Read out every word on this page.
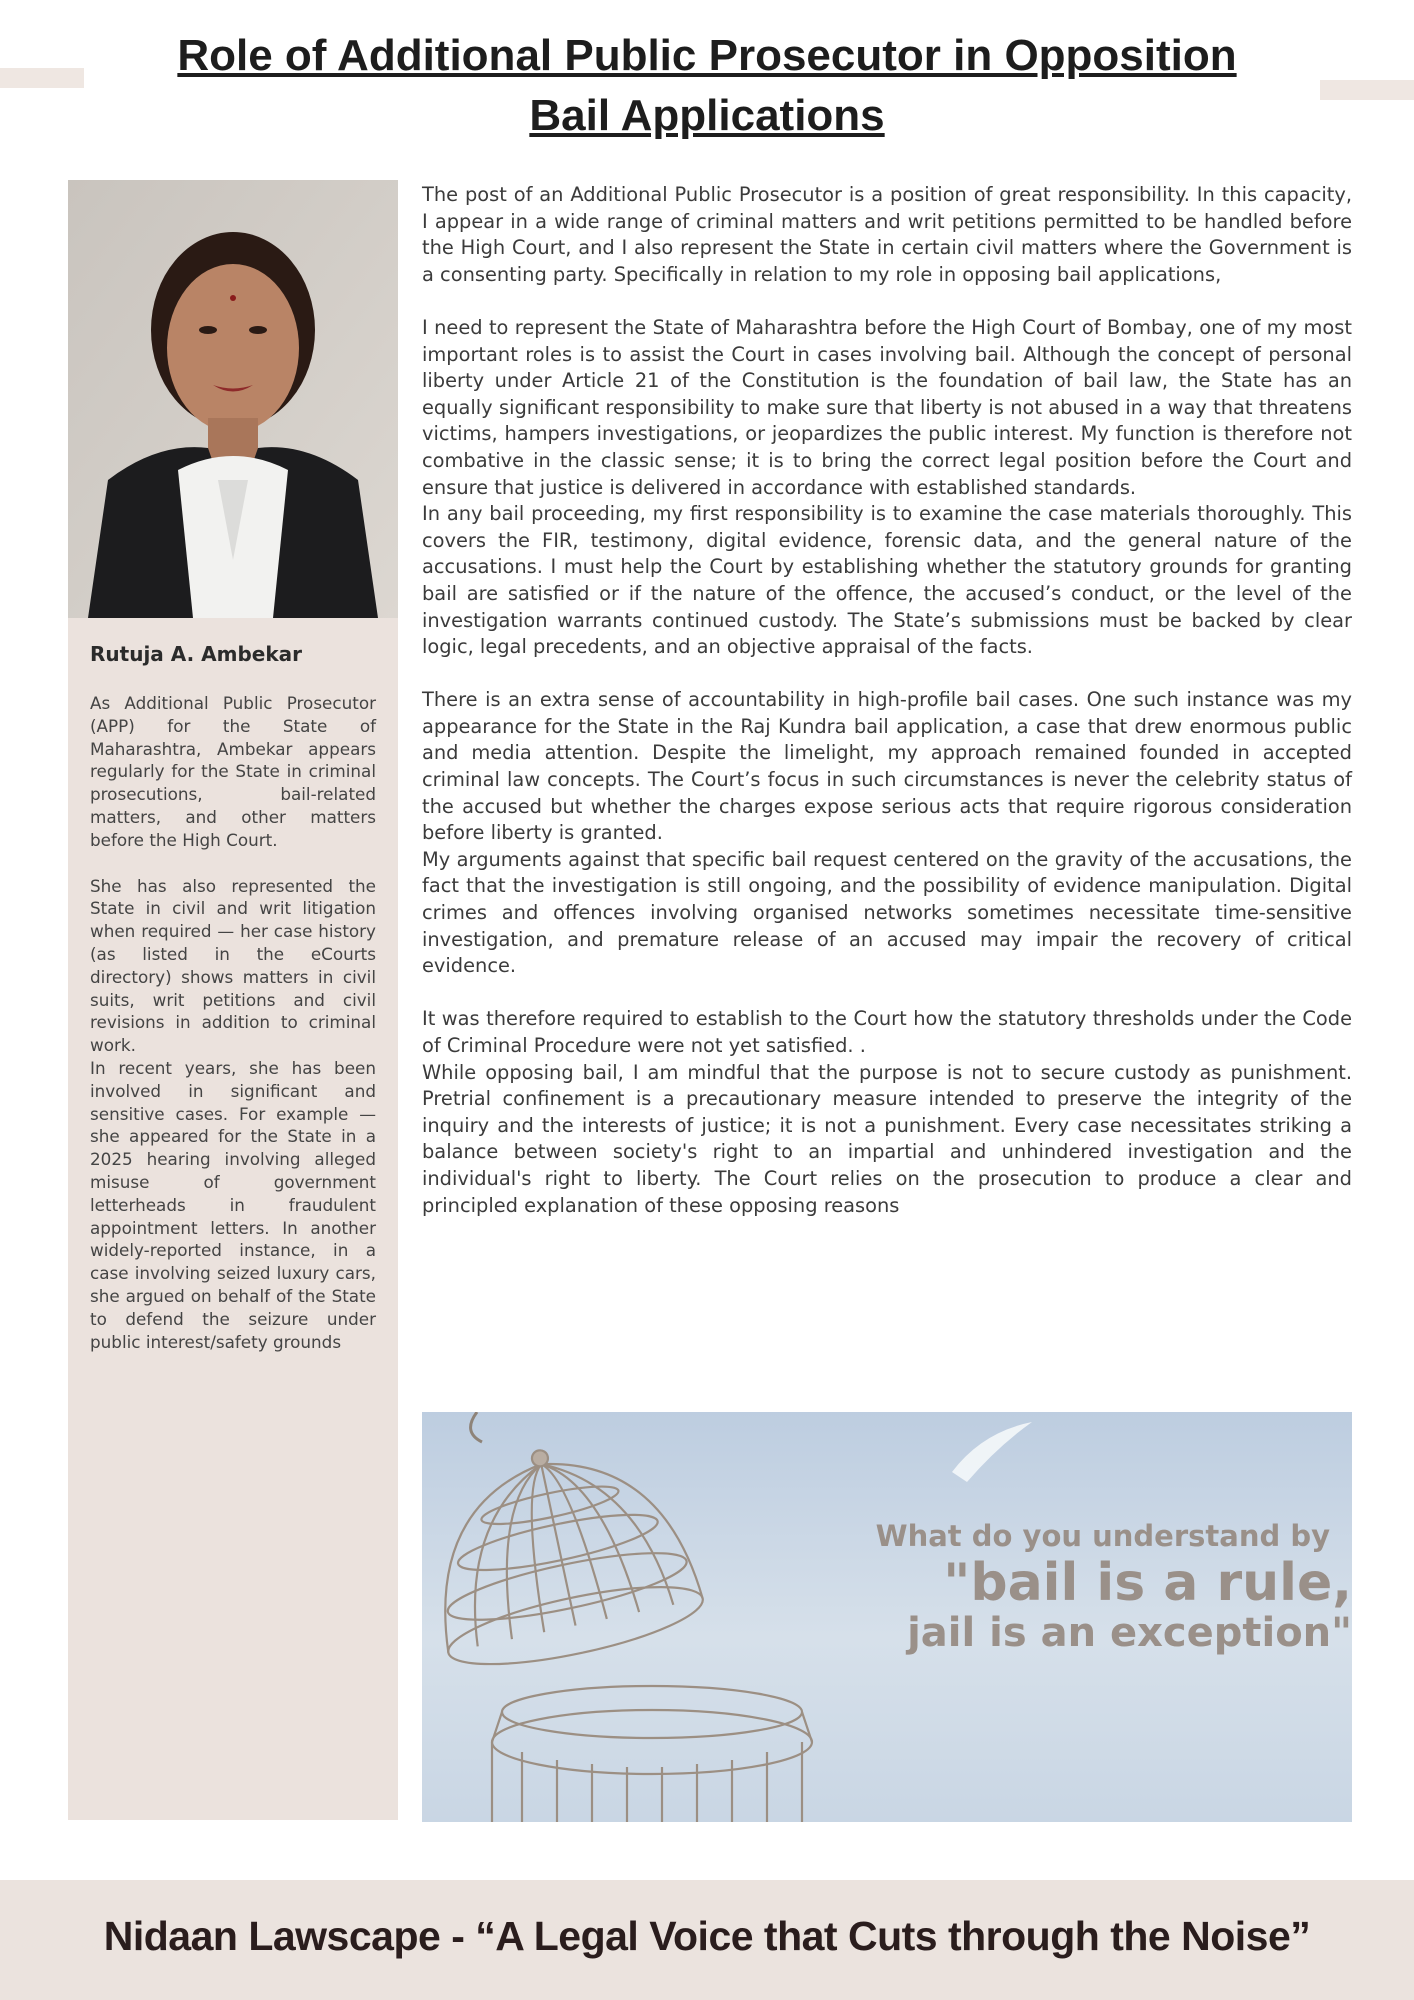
Role of Additional Public Prosecutor in Opposition
Bail Applications
Rutuja A. Ambekar

As Additional Public Prosecutor (APP) for the State of Maharashtra, Ambekar appears regularly for the State in criminal prosecutions, bail-related matters, and other matters before the High Court.

She has also represented the State in civil and writ litigation when required — her case history (as listed in the eCourts directory) shows matters in civil suits, writ petitions and civil revisions in addition to criminal work.

In recent years, she has been involved in significant and sensitive cases. For example — she appeared for the State in a 2025 hearing involving alleged misuse of government letterheads in fraudulent appointment letters. In another widely-reported instance, in a case involving seized luxury cars, she argued on behalf of the State to defend the seizure under public interest/safety grounds

The post of an Additional Public Prosecutor is a position of great responsibility. In this capacity, I appear in a wide range of criminal matters and writ petitions permitted to be handled before the High Court, and I also represent the State in certain civil matters where the Government is a consenting party. Specifically in relation to my role in opposing bail applications,

I need to represent the State of Maharashtra before the High Court of Bombay, one of my most important roles is to assist the Court in cases involving bail. Although the concept of personal liberty under Article 21 of the Constitution is the foundation of bail law, the State has an equally significant responsibility to make sure that liberty is not abused in a way that threatens victims, hampers investigations, or jeopardizes the public interest. My function is therefore not combative in the classic sense; it is to bring the correct legal position before the Court and ensure that justice is delivered in accordance with established standards.

In any bail proceeding, my first responsibility is to examine the case materials thoroughly. This covers the FIR, testimony, digital evidence, forensic data, and the general nature of the accusations. I must help the Court by establishing whether the statutory grounds for granting bail are satisfied or if the nature of the offence, the accused’s conduct, or the level of the investigation warrants continued custody. The State’s submissions must be backed by clear logic, legal precedents, and an objective appraisal of the facts.

There is an extra sense of accountability in high-profile bail cases. One such instance was my appearance for the State in the Raj Kundra bail application, a case that drew enormous public and media attention. Despite the limelight, my approach remained founded in accepted criminal law concepts. The Court’s focus in such circumstances is never the celebrity status of the accused but whether the charges expose serious acts that require rigorous consideration before liberty is granted.

My arguments against that specific bail request centered on the gravity of the accusations, the fact that the investigation is still ongoing, and the possibility of evidence manipulation. Digital crimes and offences involving organised networks sometimes necessitate time-sensitive investigation, and premature release of an accused may impair the recovery of critical evidence.

It was therefore required to establish to the Court how the statutory thresholds under the Code of Criminal Procedure were not yet satisfied. .

While opposing bail, I am mindful that the purpose is not to secure custody as punishment. Pretrial confinement is a precautionary measure intended to preserve the integrity of the inquiry and the interests of justice; it is not a punishment. Every case necessitates striking a balance between society's right to an impartial and unhindered investigation and the individual's right to liberty. The Court relies on the prosecution to produce a clear and principled explanation of these opposing reasons

What do you understand by
"bail is a rule,
jail is an exception"
Nidaan Lawscape - “A Legal Voice that Cuts through the Noise”
